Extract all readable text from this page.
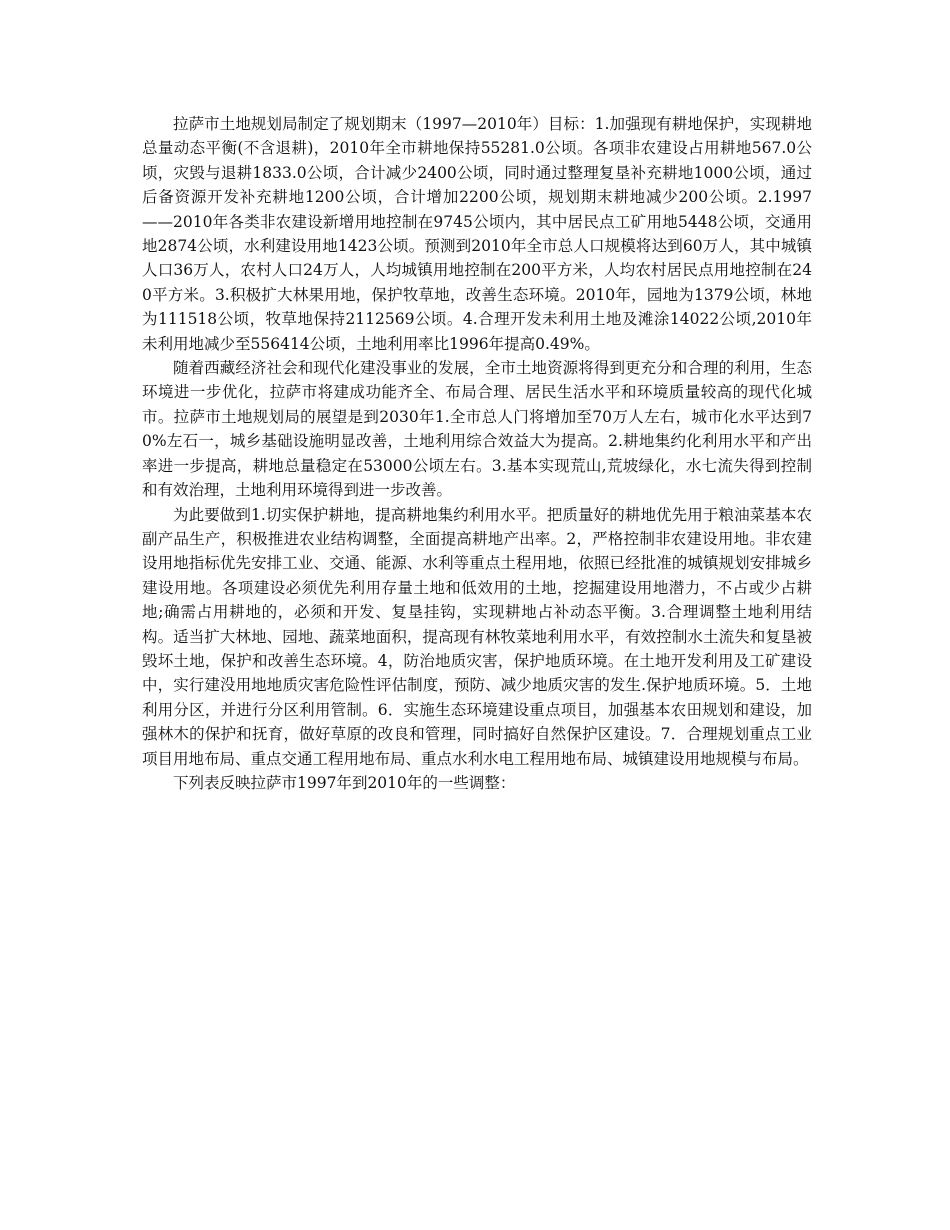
拉萨市土地规划局制定了规划期末（1997—2010年）目标：1.加强现有耕地保护，实现耕地总量动态平衡(不含退耕)，2010年全市耕地保持55281.0公顷。各项非农建设占用耕地567.0公顷，灾毁与退耕1833.0公顷，合计减少2400公顷，同时通过整理复垦补充耕地1000公顷，通过后备资源开发补充耕地1200公顷，合计增加2200公顷，规划期末耕地减少200公顷。2.1997——2010年各类非农建设新增用地控制在9745公顷内，其中居民点工矿用地5448公顷，交通用地2874公顷，水利建设用地1423公顷。预测到2010年全市总人口规模将达到60万人，其中城镇人口36万人，农村人口24万人，人均城镇用地控制在200平方米，人均农村居民点用地控制在240平方米。3.积极扩大林果用地，保护牧草地，改善生态环境。2010年，园地为1379公顷，林地为111518公顷，牧草地保持2112569公顷。4.合理开发未利用土地及滩涂14022公顷,2010年未利用地减少至556414公顷，土地利用率比1996年提高0.49%。

随着西藏经济社会和现代化建没事业的发展，全市土地资源将得到更充分和合理的利用，生态环境进一步优化，拉萨市将建成功能齐全、布局合理、居民生活水平和环境质量较高的现代化城市。拉萨市土地规划局的展望是到2030年1.全市总人门将增加至70万人左右，城市化水平达到70%左石一，城乡基础设施明显改善，土地利用综合效益大为提高。2.耕地集约化利用水平和产出率进一步提高，耕地总量稳定在53000公顷左右。3.基本实现荒山,荒坡绿化，水七流失得到控制和有效治理，土地利用环境得到进一步改善。

为此要做到1.切实保护耕地，提高耕地集约利用水平。把质量好的耕地优先用于粮油菜基本农副产品生产，积极推进农业结构调整，全面提高耕地产出率。2，严格控制非农建设用地。非农建设用地指标优先安排工业、交通、能源、水利等重点土程用地，依照已经批准的城镇规划安排城乡建设用地。各项建设必须优先利用存量土地和低效用的土地，挖掘建设用地潜力，不占或少占耕地;确需占用耕地的，必须和开发、复垦挂钩，实现耕地占补动态平衡。3.合理调整土地利用结构。适当扩大林地、园地、蔬菜地面积，提高现有林牧菜地利用水平，有效控制水土流失和复垦被毁坏土地，保护和改善生态环境。4，防治地质灾害，保护地质环境。在土地开发利用及工矿建设中，实行建没用地地质灾害危险性评估制度，预防、减少地质灾害的发生.保护地质环境。5．土地利用分区，并进行分区利用管制。6．实施生态环境建设重点项目，加强基本农田规划和建设，加强林木的保护和抚育，做好草原的改良和管理，同时搞好自然保护区建设。7．合理规划重点工业项目用地布局、重点交通工程用地布局、重点水利水电工程用地布局、城镇建设用地规模与布局。

下列表反映拉萨市1997年到2010年的一些调整：
